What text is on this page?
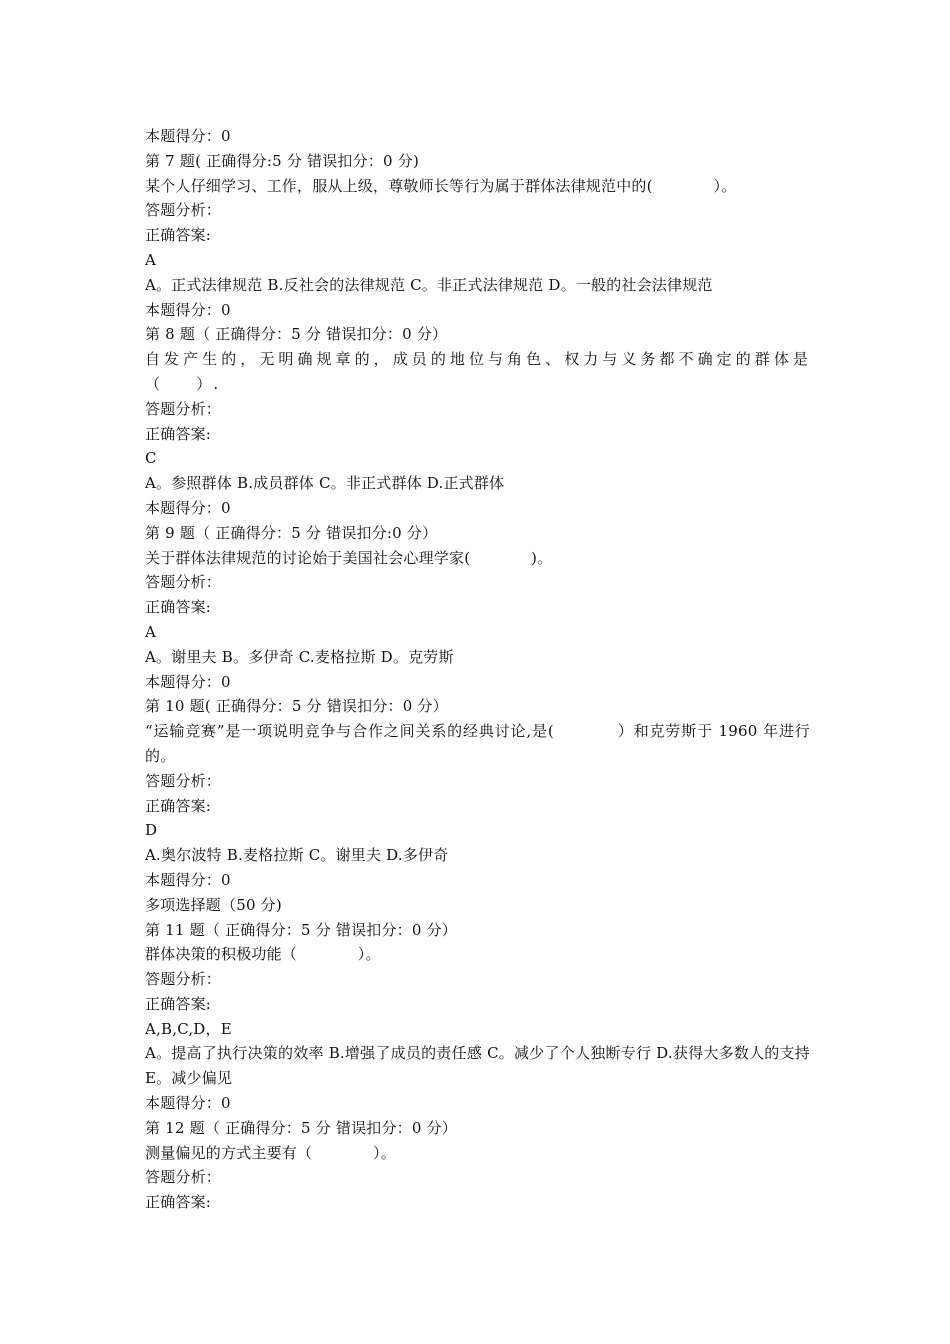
本题得分：0
第 7 题( 正确得分:5 分 错误扣分：0 分)
某个人仔细学习、工作，服从上级，尊敬师长等行为属于群体法律规范中的(　　　　）。
答题分析：
正确答案:
A
A。正式法律规范 B.反社会的法律规范 C。非正式法律规范 D。一般的社会法律规范
本题得分：0
第 8 题（ 正确得分：5 分 错误扣分：0 分）
自发产生的，无明确规章的，成员的地位与角色、权力与义务都不确定的群体是（　　）.
答题分析：
正确答案:
C
A。参照群体 B.成员群体 C。非正式群体 D.正式群体
本题得分：0
第 9 题（ 正确得分：5 分 错误扣分:0 分）
关于群体法律规范的讨论始于美国社会心理学家(　　　　)。
答题分析：
正确答案:
A
A。谢里夫 B。多伊奇 C.麦格拉斯 D。克劳斯
本题得分：0
第 10 题( 正确得分：5 分 错误扣分：0 分）
“运输竞赛”是一项说明竞争与合作之间关系的经典讨论,是(　　　　）和克劳斯于 1960 年进行的。
答题分析：
正确答案:
D
A.奥尔波特 B.麦格拉斯 C。谢里夫 D.多伊奇
本题得分：0
多项选择题（50 分)
第 11 题（ 正确得分：5 分 错误扣分：0 分）
群体决策的积极功能（　　　　）。
答题分析：
正确答案:
A,B,C,D，E
A。提高了执行决策的效率 B.增强了成员的责任感 C。减少了个人独断专行 D.获得大多数人的支持 E。减少偏见
本题得分：0
第 12 题（ 正确得分：5 分 错误扣分：0 分）
测量偏见的方式主要有（　　　　）。
答题分析：
正确答案:
